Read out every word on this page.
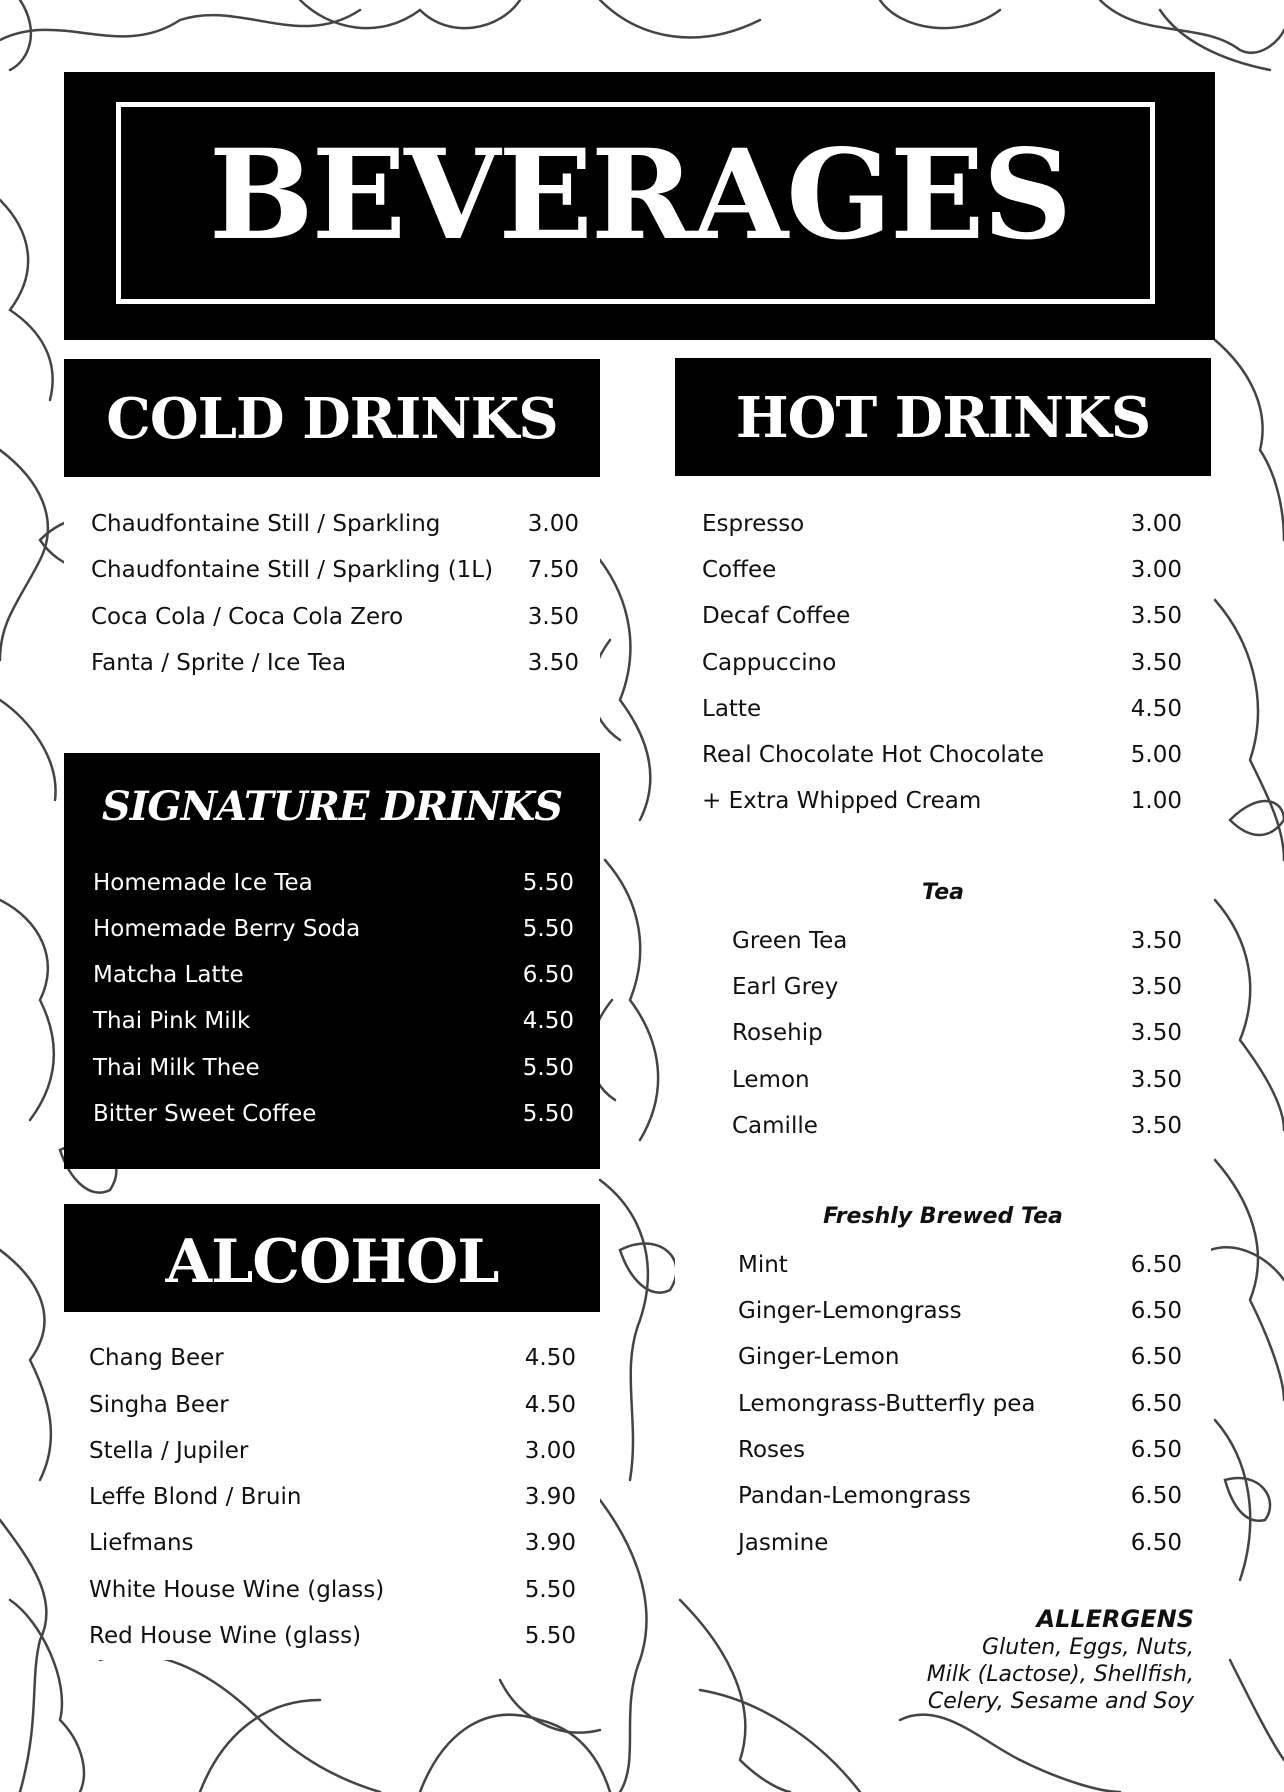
BEVERAGES
COLD DRINKS	HOT DRINKS
Chaudfontaine Still / Sparkling	3.00
Chaudfontaine Still / Sparkling (1L) 7.50
Coca Cola / Coca Cola Zero	3.50
Fanta / Sprite / Ice Tea	3.50
SIGNATURE DRINKS
Homemade Ice Tea	5.50
Homemade Berry Soda	5.50
Matcha Latte	6.50
Thai Pink Milk	4.50
Thai Milk Thee	5.50
Bitter Sweet Coffee	5.50
ALCOHOL
Chang Beer	4.50
Singha Beer	4.50
Stella / Jupiler	3.00
Leffe Blond / Bruin	3.90
Liefmans	3.90
White House Wine (glass)	5.50
Red House Wine (glass)	5.50
Espresso	3.00
Coffee	3.00
Decaf Coffee	3.50
Cappuccino	3.50
Latte	4.50
Real Chocolate Hot Chocolate	5.00
+ Extra Whipped Cream	1.00
Tea
Green Tea	3.50
Earl Grey	3.50
Rosehip	3.50
Lemon	3.50
Camille	3.50
Freshly Brewed Tea
Mint	6.50
Ginger-Lemongrass	6.50
Ginger-Lemon	6.50
Lemongrass-Butterfly pea	6.50
Roses	6.50
Pandan-Lemongrass	6.50
Jasmine	6.50
ALLERGENS
Gluten, Eggs, Nuts,
Milk (Lactose), Shellfish,
Celery, Sesame and Soy
